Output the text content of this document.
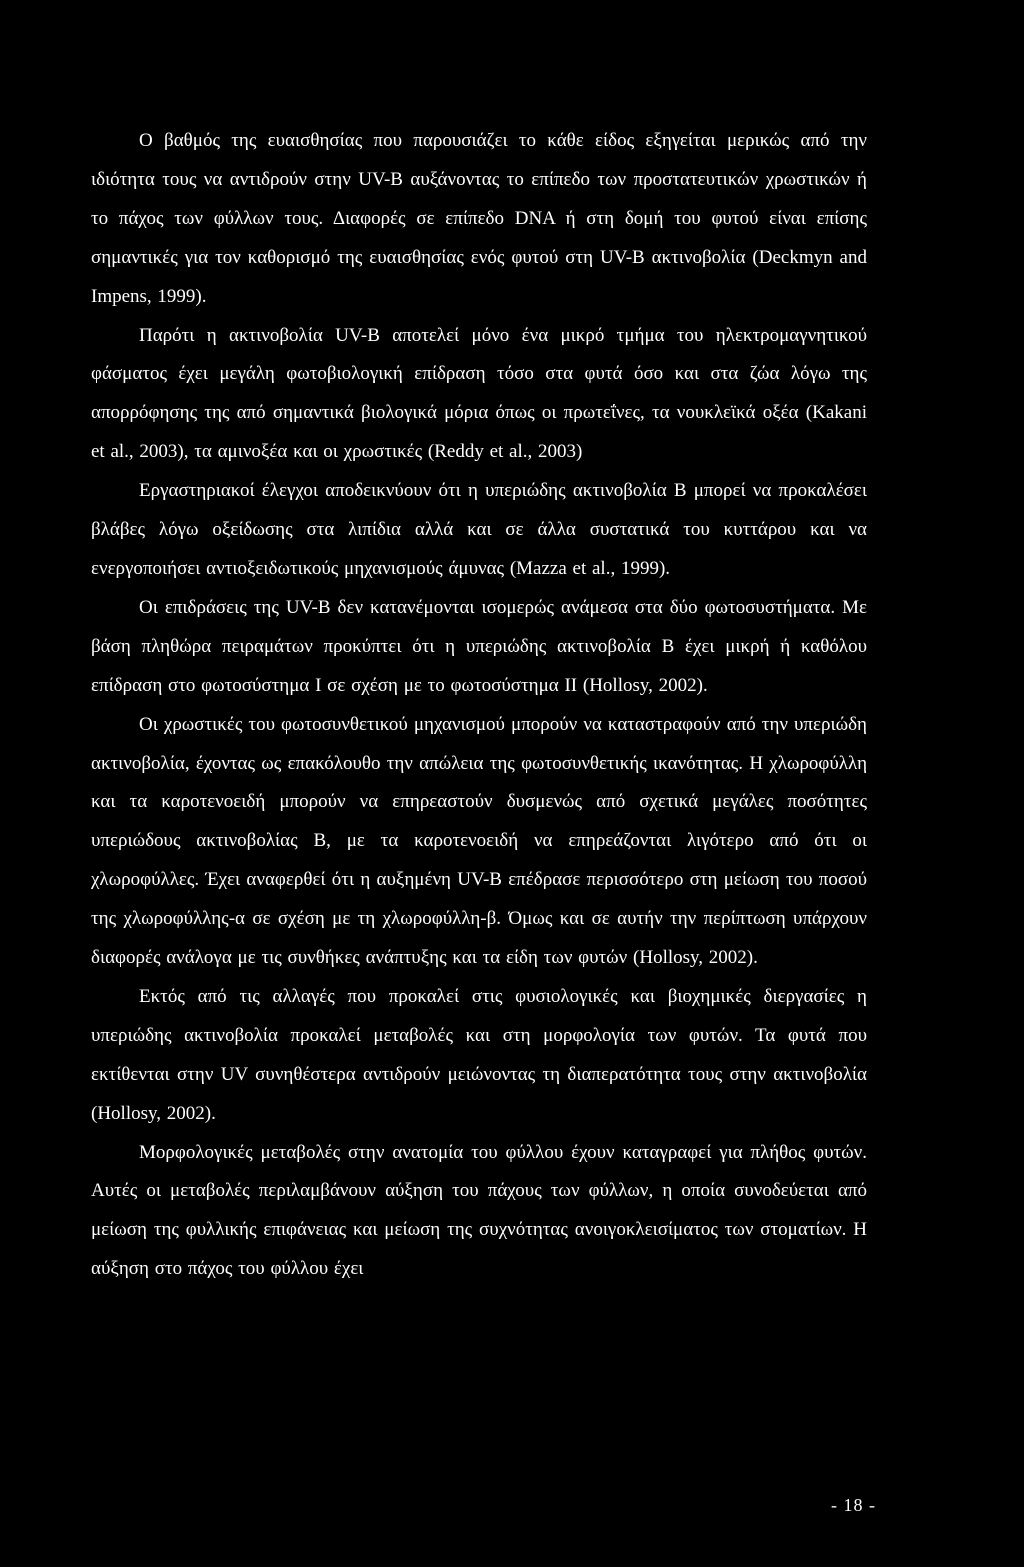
Ο βαθμός της ευαισθησίας που παρουσιάζει το κάθε είδος εξηγείται μερικώς από την ιδιότητα τους να αντιδρούν στην UV-B αυξάνοντας το επίπεδο των προστατευτικών χρωστικών ή το πάχος των φύλλων τους. Διαφορές σε επίπεδο DNA ή στη δομή του φυτού είναι επίσης σημαντικές για τον καθορισμό της ευαισθησίας ενός φυτού στη UV-B ακτινοβολία (Deckmyn and Impens, 1999).

Παρότι η ακτινοβολία UV-B αποτελεί μόνο ένα μικρό τμήμα του ηλεκτρομαγνητικού φάσματος έχει μεγάλη φωτοβιολογική επίδραση τόσο στα φυτά όσο και στα ζώα λόγω της απορρόφησης της από σημαντικά βιολογικά μόρια όπως οι πρωτεΐνες, τα νουκλεϊκά οξέα (Kakani et al., 2003), τα αμινοξέα και οι χρωστικές (Reddy et al., 2003)

Εργαστηριακοί έλεγχοι αποδεικνύουν ότι η υπεριώδης ακτινοβολία Β μπορεί να προκαλέσει βλάβες λόγω οξείδωσης στα λιπίδια αλλά και σε άλλα συστατικά του κυττάρου και να ενεργοποιήσει αντιοξειδωτικούς μηχανισμούς άμυνας (Mazza et al., 1999).

Οι επιδράσεις της UV-B δεν κατανέμονται ισομερώς ανάμεσα στα δύο φωτοσυστήματα. Με βάση πληθώρα πειραμάτων προκύπτει ότι η υπεριώδης ακτινοβολία Β έχει μικρή ή καθόλου επίδραση στο φωτοσύστημα Ι σε σχέση με το φωτοσύστημα ΙΙ (Hollosy, 2002).

Οι χρωστικές του φωτοσυνθετικού μηχανισμού μπορούν να καταστραφούν από την υπεριώδη ακτινοβολία, έχοντας ως επακόλουθο την απώλεια της φωτοσυνθετικής ικανότητας. Η χλωροφύλλη και τα καροτενοειδή μπορούν να επηρεαστούν δυσμενώς από σχετικά μεγάλες ποσότητες υπεριώδους ακτινοβολίας Β, με τα καροτενοειδή να επηρεάζονται λιγότερο από ότι οι χλωροφύλλες. Έχει αναφερθεί ότι η αυξημένη UV-B επέδρασε περισσότερο στη μείωση του ποσού της χλωροφύλλης-α σε σχέση με τη χλωροφύλλη-β. Όμως και σε αυτήν την περίπτωση υπάρχουν διαφορές ανάλογα με τις συνθήκες ανάπτυξης και τα είδη των φυτών (Hollosy, 2002).

Εκτός από τις αλλαγές που προκαλεί στις φυσιολογικές και βιοχημικές διεργασίες η υπεριώδης ακτινοβολία προκαλεί μεταβολές και στη μορφολογία των φυτών. Τα φυτά που εκτίθενται στην UV συνηθέστερα αντιδρούν μειώνοντας τη διαπερατότητα τους στην ακτινοβολία (Hollosy, 2002).

Μορφολογικές μεταβολές στην ανατομία του φύλλου έχουν καταγραφεί για πλήθος φυτών. Αυτές οι μεταβολές περιλαμβάνουν αύξηση του πάχους των φύλλων, η οποία συνοδεύεται από μείωση της φυλλικής επιφάνειας και μείωση της συχνότητας ανοιγοκλεισίματος των στοματίων. Η αύξηση στο πάχος του φύλλου έχει

- 18 -
